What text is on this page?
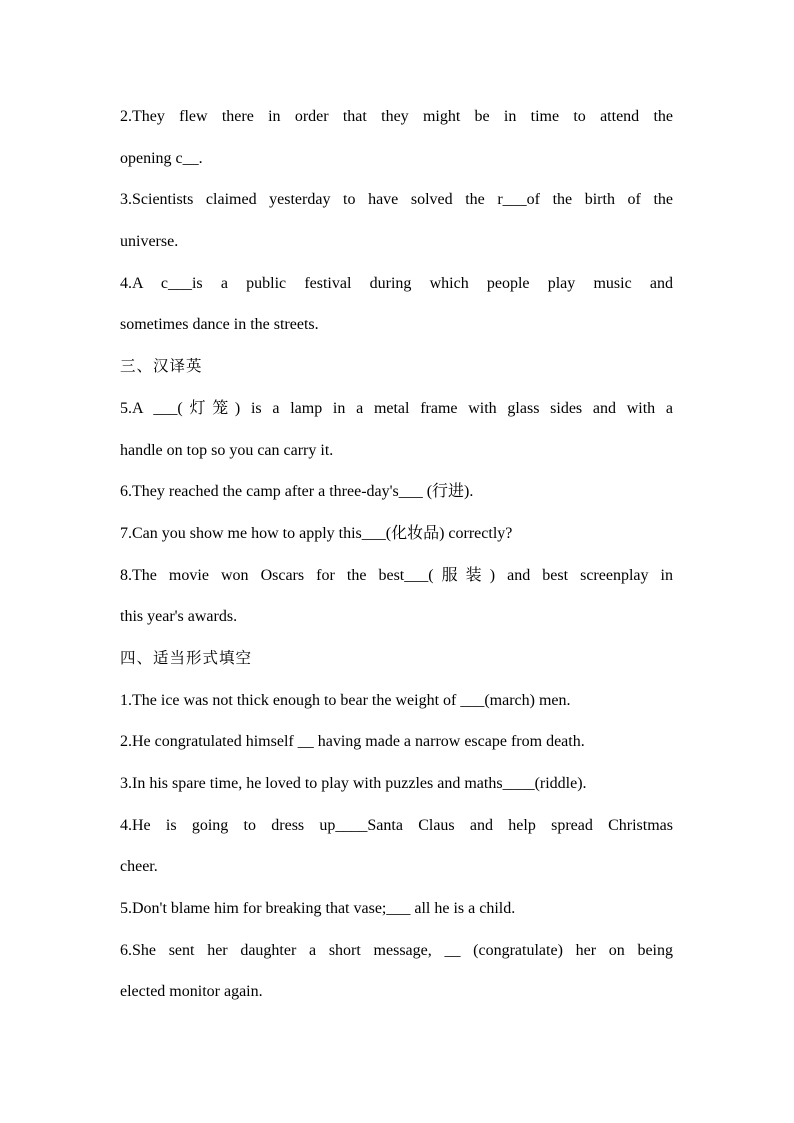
2.They flew there in order that they might be in time to attend the
opening c__.
3.Scientists claimed yesterday to have solved the r___of the birth of the
universe.
4.A c___is a public festival during which people play music and
sometimes dance in the streets.
三、汉译英
5.A ___(灯笼) is a lamp in a metal frame with glass sides and with a
handle on top so you can carry it.
6.They reached the camp after a three-day's___ (行进).
7.Can you show me how to apply this___(化妆品) correctly?
8.The movie won Oscars for the best___(服装) and best screenplay in
this year's awards.
四、适当形式填空
1.The ice was not thick enough to bear the weight of ___(march) men.
2.He congratulated himself __ having made a narrow escape from death.
3.In his spare time, he loved to play with puzzles and maths____(riddle).
4.He is going to dress up____Santa Claus and help spread Christmas
cheer.
5.Don't blame him for breaking that vase;___ all he is a child.
6.She sent her daughter a short message, __ (congratulate) her on being
elected monitor again.
